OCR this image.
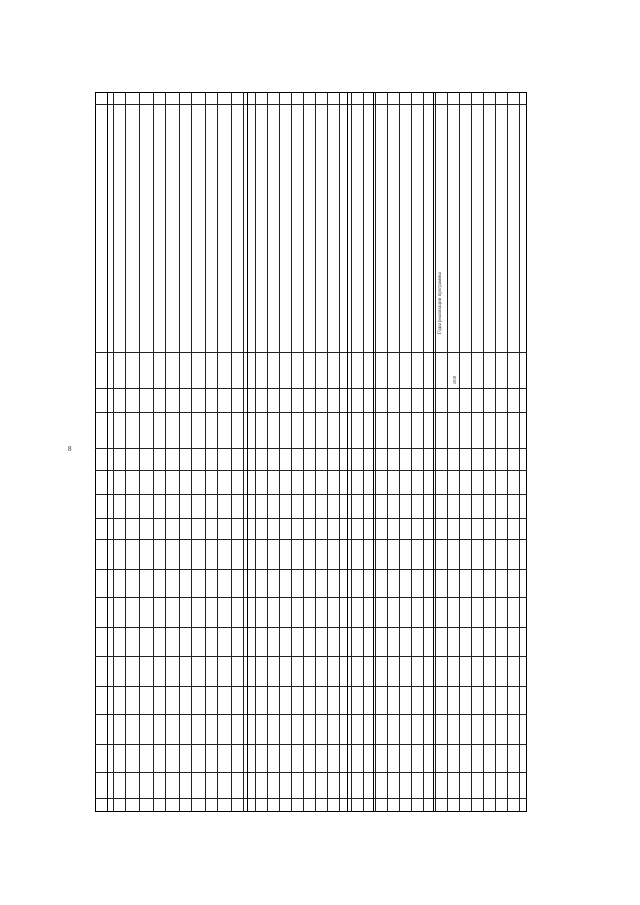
8
Годы реализации программы
2018
